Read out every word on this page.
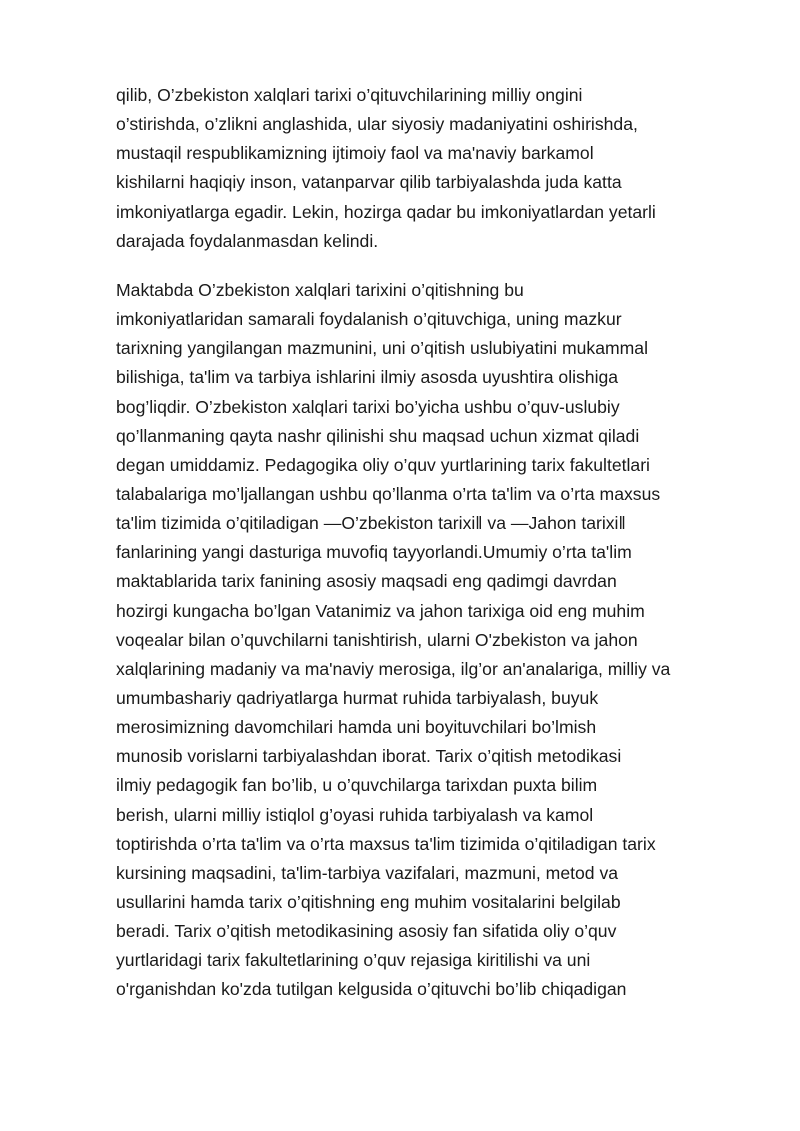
qilib, O’zbekiston xalqlari tarixi o’qituvchilarining milliy ongini
o’stirishda, o’zlikni anglashida, ular siyosiy madaniyatini oshirishda,
mustaqil respublikamizning ijtimoiy faol va ma'naviy barkamol
kishilarni haqiqiy inson, vatanparvar qilib tarbiyalashda juda katta
imkoniyatlarga egadir. Lekin, hozirga qadar bu imkoniyatlardan yetarli
darajada foydalanmasdan kelindi.

Maktabda O’zbekiston xalqlari tarixini o’qitishning bu
imkoniyatlaridan samarali foydalanish o’qituvchiga, uning mazkur
tarixning yangilangan mazmunini, uni o’qitish uslubiyatini mukammal
bilishiga, ta'lim va tarbiya ishlarini ilmiy asosda uyushtira olishiga
bog’liqdir. O’zbekiston xalqlari tarixi bo’yicha ushbu o’quv-uslubiy
qo’llanmaning qayta nashr qilinishi shu maqsad uchun xizmat qiladi
degan umiddamiz. Pedagogika oliy o’quv yurtlarining tarix fakultetlari
talabalariga mo’ljallangan ushbu qo’llanma o’rta ta'lim va o’rta maxsus
ta'lim tizimida o’qitiladigan ―O’zbekiston tarixi‖ va ―Jahon tarixi‖
fanlarining yangi dasturiga muvofiq tayyorlandi.Umumiy o’rta ta'lim
maktablarida tarix fanining asosiy maqsadi eng qadimgi davrdan
hozirgi kungacha bo’lgan Vatanimiz va jahon tarixiga oid eng muhim
voqealar bilan o’quvchilarni tanishtirish, ularni O'zbekiston va jahon
xalqlarining madaniy va ma'naviy merosiga, ilg’or an'analariga, milliy va
umumbashariy qadriyatlarga hurmat ruhida tarbiyalash, buyuk
merosimizning davomchilari hamda uni boyituvchilari bo’lmish
munosib vorislarni tarbiyalashdan iborat. Tarix o’qitish metodikasi
ilmiy pedagogik fan bo’lib, u o’quvchilarga tarixdan puxta bilim
berish, ularni milliy istiqlol g’oyasi ruhida tarbiyalash va kamol
toptirishda o’rta ta'lim va o’rta maxsus ta'lim tizimida o’qitiladigan tarix
kursining maqsadini, ta'lim-tarbiya vazifalari, mazmuni, metod va
usullarini hamda tarix o’qitishning eng muhim vositalarini belgilab
beradi. Tarix o’qitish metodikasining asosiy fan sifatida oliy o’quv
yurtlaridagi tarix fakultetlarining o’quv rejasiga kiritilishi va uni
o'rganishdan ko'zda tutilgan kelgusida o’qituvchi bo’lib chiqadigan
